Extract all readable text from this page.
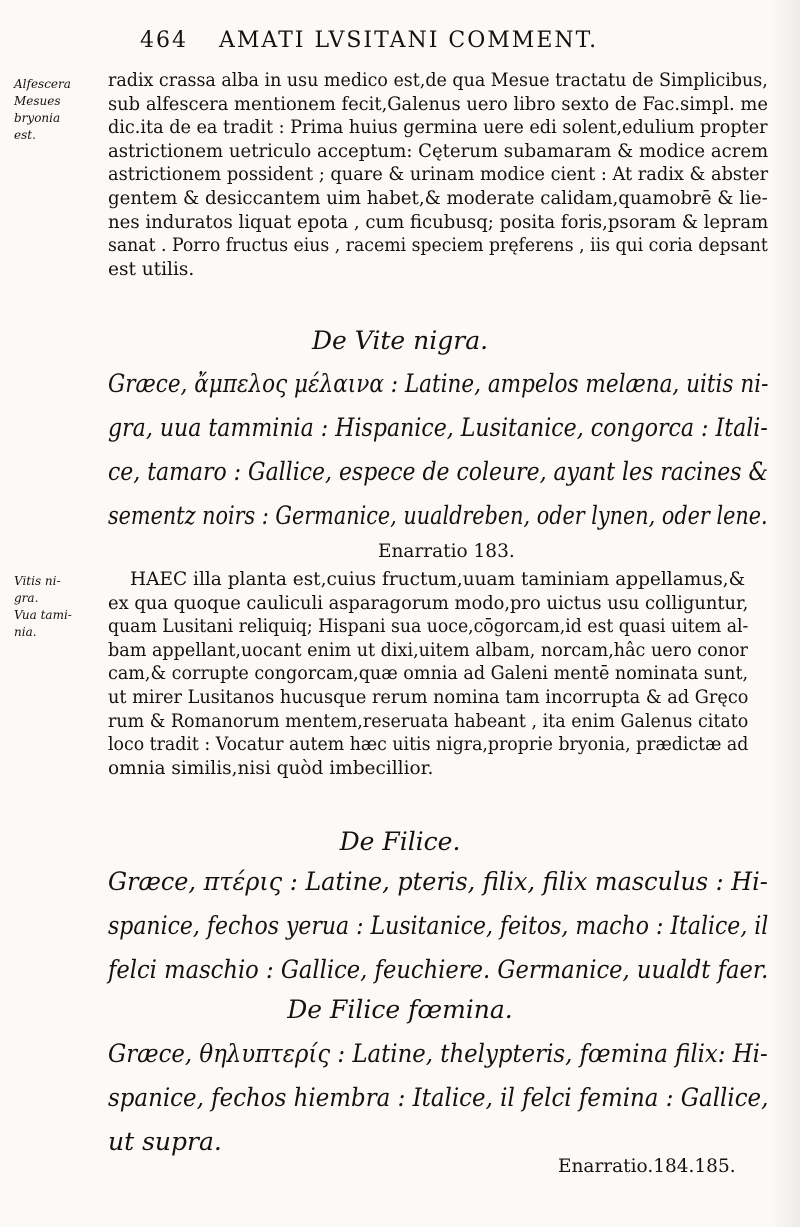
464 AMATI LVSITANI COMMENT.
Alfescera
Mesues
bryonia
est.
radix crassa alba in usu medico est,de qua Mesue tractatu de Simplicibus,
sub alfescera mentionem fecit,Galenus uero libro sexto de Fac.simpl. me
dic.ita de ea tradit : Prima huius germina uere edi solent,edulium propter
astrictionem uetriculo acceptum: Cęterum subamaram & modice acrem
astrictionem possident ; quare & urinam modice cient : At radix & abster
gentem & desiccantem uim habet,& moderate calidam,quamobrē & lie-
nes induratos liquat epota , cum ficubusq; posita foris,psoram & lepram
sanat . Porro fructus eius , racemi speciem pręferens , iis qui coria depsant
est utilis.
De Vite nigra.
Græce, ἄμπελος μέλαινα : Latine, ampelos melæna, uitis ni-
gra, uua tamminia : Hispanice, Lusitanice, congorca : Itali-
ce, tamaro : Gallice, espece de coleure, ayant les racines &
sementz noirs : Germanice, uualdreben, oder lynen, oder lene.
Enarratio 183.
Vitis ni-
gra.
Vua tami-
nia.
HAEC illa planta est,cuius fructum,uuam taminiam appellamus,&
ex qua quoque cauliculi asparagorum modo,pro uictus usu colliguntur,
quam Lusitani reliquiq; Hispani sua uoce,cōgorcam,id est quasi uitem al-
bam appellant,uocant enim ut dixi,uitem albam, norcam,hâc uero conor
cam,& corrupte congorcam,quæ omnia ad Galeni mentē nominata sunt,
ut mirer Lusitanos hucusque rerum nomina tam incorrupta & ad Gręco
rum & Romanorum mentem,reseruata habeant , ita enim Galenus citato
loco tradit : Vocatur autem hæc uitis nigra,proprie bryonia, prædictæ ad
omnia similis,nisi quòd imbecillior.
De Filice.
Græce, πτέρις : Latine, pteris, filix, filix masculus : Hi-
spanice, fechos yerua : Lusitanice, feitos, macho : Italice, il
felci maschio : Gallice, feuchiere. Germanice, uualdt faer.
De Filice fœmina.
Græce, θηλυπτερίς : Latine, thelypteris, fœmina filix: Hi-
spanice, fechos hiembra : Italice, il felci femina : Gallice,
ut supra.
Enarratio.184.185.
